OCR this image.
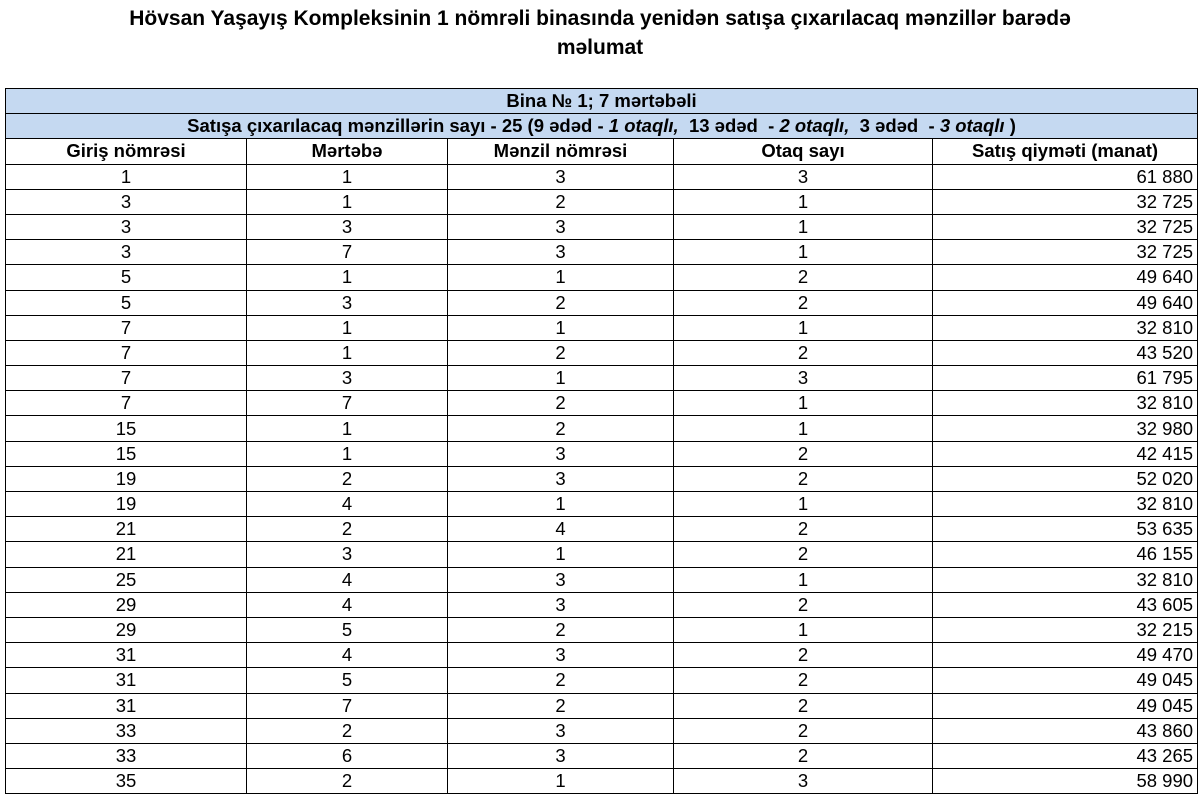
Hövsan Yaşayış Kompleksinin 1 nömrəli binasında yenidən satışa çıxarılacaq mənzillər barədə
məlumat
Bina № 1; 7 mərtəbəli				
Satışa çıxarılacaq mənzillərin sayı - 25 (9 ədəd - 1 otaqlı,  13 ədəd  - 2 otaqlı,  3 ədəd  - 3 otaqlı )				
Giriş nömrəsi	Mərtəbə	Mənzil nömrəsi	Otaq sayı	Satış qiyməti (manat)
1	1	3	3	61 880
3	1	2	1	32 725
3	3	3	1	32 725
3	7	3	1	32 725
5	1	1	2	49 640
5	3	2	2	49 640
7	1	1	1	32 810
7	1	2	2	43 520
7	3	1	3	61 795
7	7	2	1	32 810
15	1	2	1	32 980
15	1	3	2	42 415
19	2	3	2	52 020
19	4	1	1	32 810
21	2	4	2	53 635
21	3	1	2	46 155
25	4	3	1	32 810
29	4	3	2	43 605
29	5	2	1	32 215
31	4	3	2	49 470
31	5	2	2	49 045
31	7	2	2	49 045
33	2	3	2	43 860
33	6	3	2	43 265
35	2	1	3	58 990
